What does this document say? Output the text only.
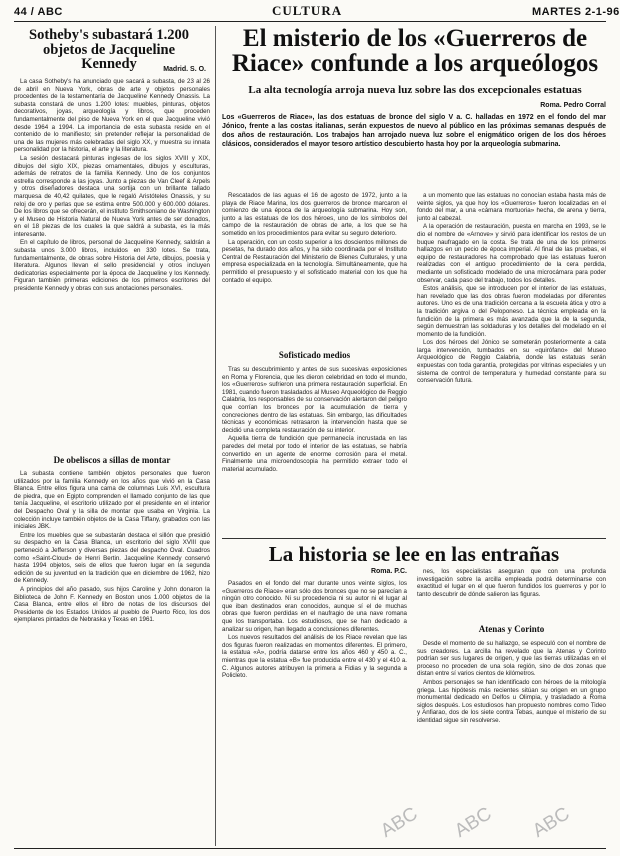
44 / ABC	CULTURA	MARTES 2-1-96
Sotheby's subastará 1.200 objetos de Jacqueline Kennedy	Madrid. S. O.

La casa Sotheby's ha anunciado que sacará a subasta, de 23 al 26 de abril en Nueva York, obras de arte y objetos personales procedentes de la testamentaría de Jacqueline Kennedy Onassis. La subasta constará de unos 1.200 lotes: muebles, pinturas, objetos decorativos, joyas, arqueología y libros, que proceden fundamentalmente del piso de Nueva York en el que Jacqueline vivió desde 1964 a 1994. La importancia de esta subasta reside en el contenido de lo manifiesto; sin pretender reflejar la personalidad de una de las mujeres más celebradas del siglo XX, y muestra su innata personalidad por la historia, el arte y la literatura.

La sesión destacará pinturas inglesas de los siglos XVIII y XIX, dibujos del siglo XIX, piezas ornamentales, dibujos y esculturas, además de retratos de la familia Kennedy. Uno de los conjuntos estrella corresponde a las joyas. Junto a piezas de Van Cleef & Arpels y otros diseñadores destaca una sortija con un brillante tallado marquesa de 40,42 quilates, que le regaló Aristóteles Onassis, y su reloj de oro y perlas que se estima entre 500.000 y 600.000 dólares. De los libros que se ofrecerán, el instituto Smithsoniano de Washington y el Museo de Historia Natural de Nueva York antes de ser donados, en el 18 piezas de los cuales la que saldrá a subasta, es la más interesante.

En el capítulo de libros, personal de Jacqueline Kennedy, saldrán a subasta unos 3.000 libros, incluidos en 330 lotes. Se trata, fundamentalmente, de obras sobre Historia del Arte, dibujos, poesía y literatura. Algunos llevan el sello presidencial y otros incluyen dedicatorias especialmente por la época de Jacqueline y los Kennedy. Figuran también primeras ediciones de los primeros escritores del presidente Kennedy y obras con sus anotaciones personales.

De obeliscos a sillas de montar

La subasta contiene también objetos personales que fueron utilizados por la familia Kennedy en los años que vivió en la Casa Blanca. Entre ellos figura una cama de columnas Luis XVI, escultura de piedra, que en Egipto comprenden el llamado conjunto de las que tenía Jacqueline, el escritorio utilizado por el presidente en el interior del Despacho Oval y la silla de montar que usaba en Virginia. La colección incluye también objetos de la Casa Tiffany, grabados con las iniciales JBK.

Entre los muebles que se subastarán destaca el sillón que presidió su despacho en la Casa Blanca, un escritorio del siglo XVIII que perteneció a Jefferson y diversas piezas del despacho Oval. Cuadros como «Saint-Cloud» de Henri Bertin. Jacqueline Kennedy conservó hasta 1994 objetos, seis de ellos que fueron lugar en la segunda edición de su juventud en la tradición que en diciembre de 1962, hizo de Kennedy.

A principios del año pasado, sus hijos Caroline y John donaron la Biblioteca de John F. Kennedy en Boston unos 1.000 objetos de la Casa Blanca, entre ellos el libro de notas de los discursos del Presidente de los Estados Unidos al pueblo de Puerto Rico, los dos ejemplares pintados de Nebraska y Texas en 1961.

El misterio de los «Guerreros de Riace» confunde a los arqueólogos
La alta tecnología arroja nueva luz sobre las dos excepcionales estatuas
Roma. Pedro Corral
Los «Guerreros de Riace», las dos estatuas de bronce del siglo V a. C. halladas en 1972 en el fondo del mar Jónico, frente a las costas italianas, serán expuestos de nuevo al público en las próximas semanas después de dos años de restauración. Los trabajos han arrojado nueva luz sobre el enigmático origen de los dos héroes clásicos, considerados el mayor tesoro artístico descubierto hasta hoy por la arqueología submarina.

Rescatados de las aguas el 16 de agosto de 1972, junto a la playa de Riace Marina, los dos guerreros de bronce marcaron el comienzo de una época de la arqueología submarina. Hoy son, junto a las estatuas de los dos héroes, uno de los símbolos del campo de la restauración de obras de arte, a los que se ha sometido en los procedimientos para evitar su seguro deterioro.

La operación, con un costo superior a los doscientos millones de pesetas, ha durado dos años, y ha sido coordinada por el Instituto Central de Restauración del Ministerio de Bienes Culturales, y una empresa especializada en la tecnología. Simultáneamente, que ha permitido el presupuesto y el sofisticado material con los que ha contado el equipo.

Sofisticado medios

Tras su descubrimiento y antes de sus sucesivas exposiciones en Roma y Florencia, que les dieron celebridad en todo el mundo, los «Guerreros» sufrieron una primera restauración superficial. En 1981, cuando fueron trasladados al Museo Arqueológico de Reggio Calabria, los responsables de su conservación alertaron del peligro que corrían los bronces por la acumulación de tierra y concreciones dentro de las estatuas. Sin embargo, las dificultades técnicas y económicas retrasaron la intervención hasta que se decidió una completa restauración de su interior.

Aquella tierra de fundición que permanecía incrustada en las paredes del metal por todo el interior de las estatuas, se habría convertido en un agente de enorme corrosión para el metal. Finalmente una microendoscopia ha permitido extraer todo el material acumulado.

a un momento que las estatuas no conocían estaba hasta más de veinte siglos, ya que hoy los «Guerreros» fueron localizadas en el fondo del mar, a una «cámara mortuoria» hecha, de arena y tierra, junto al cabezal.

A la operación de restauración, puesta en marcha en 1993, se le dio el nombre de «Arnove» y sirvió para identificar los restos de un buque naufragado en la costa. Se trata de una de los primeros hallazgos en un pecio de época imperial. Al final de las pruebas, el equipo de restauradores ha comprobado que las estatuas fueron realizadas con el antiguo procedimiento de la cera perdida, mediante un sofisticado modelado de una microcámara para poder observar, cada paso del trabajo, todos los detalles.

Estos análisis, que se introducen por el interior de las estatuas, han revelado que las dos obras fueron modeladas por diferentes autores. Uno es de una tradición cercana a la escuela ática y otro a la tradición argiva o del Peloponeso. La técnica empleada en la fundición de la primera es más avanzada que la de la segunda, según demuestran las soldaduras y los detalles del modelado en el momento de la fundición.

Los dos héroes del Jónico se someterán posteriormente a cata larga intervención, tumbados en su «quirófano» del Museo Arqueológico de Reggio Calabria, donde las estatuas serán expuestas con toda garantía, protegidas por vitrinas especiales y un sistema de control de temperatura y humedad constante para su conservación futura.

La historia se lee en las entrañas
Roma. P.C.

Pasados en el fondo del mar durante unos veinte siglos, los «Guerreros de Riace» eran sólo dos bronces que no se parecían a ningún otro conocido. Ni su procedencia ni su autor ni el lugar al que iban destinados eran conocidos, aunque sí el de muchas obras que fueron perdidas en el naufragio de una nave romana que los transportaba. Los estudiosos, que se han dedicado a analizar su origen, han llegado a conclusiones diferentes.

Los nuevos resultados del análisis de los Riace revelan que las dos figuras fueron realizadas en momentos diferentes. El primero, la estatua «A», podría datarse entre los años 460 y 450 a. C., mientras que la estatua «B» fue producida entre el 430 y el 410 a. C. Algunos autores atribuyen la primera a Fidias y la segunda a Policleto.

nes, los especialistas aseguran que con una profunda investigación sobre la arcilla empleada podrá determinarse con exactitud el lugar en el que fueron fundidos los guerreros y por lo tanto descubrir de dónde salieron las figuras.

Atenas y Corinto

Desde el momento de su hallazgo, se especuló con el nombre de sus creadores. La arcilla ha revelado que la Atenas y Corinto podrían ser sus lugares de origen, y que las tierras utilizadas en el proceso no proceden de una sola región, sino de dos zonas que distan entre sí varios cientos de kilómetros.

Ambos personajes se han identificado con héroes de la mitología griega. Las hipótesis más recientes sitúan su origen en un grupo monumental dedicado en Delfos u Olimpia, y trasladado a Roma siglos después. Los estudiosos han propuesto nombres como Tideo y Anfiarao, dos de los siete contra Tebas, aunque el misterio de su identidad sigue sin resolverse.

ABC ABC ABC
